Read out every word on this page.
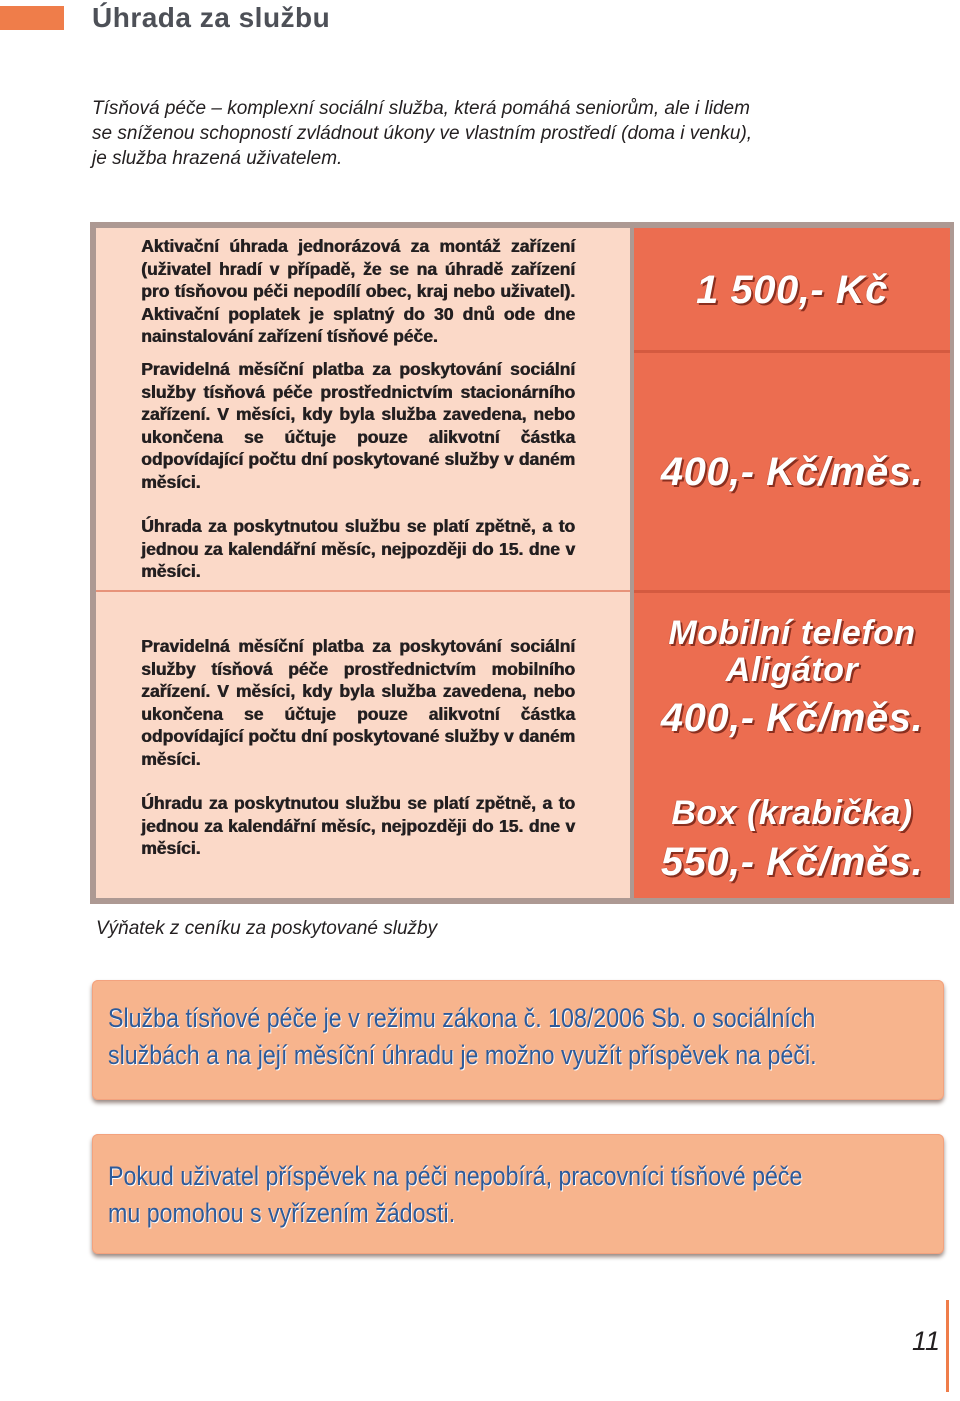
Úhrada za službu
Tísňová péče – komplexní sociální služba, která pomáhá seniorům, ale i lidem
se sníženou schopností zvládnout úkony ve vlastním prostředí (doma i venku),
je služba hrazená uživatelem.

Aktivační úhrada jednorázová za montáž zařízení (uživatel hradí v případě, že se na úhradě zařízení pro tísňovou péči nepodílí obec, kraj nebo uživatel). Aktivační poplatek je splatný do 30 dnů ode dne nainstalování zařízení tísňové péče.

Pravidelná měsíční platba za poskytování sociální služby tísňová péče prostřednictvím stacionárního zařízení. V měsíci, kdy byla služba zavedena, nebo ukončena se účtuje pouze alikvotní částka odpovídající počtu dní poskytované služby v daném měsíci.

Úhrada za poskytnutou službu se platí zpětně, a to jednou za kalendářní měsíc, nejpozději do 15. dne v měsíci.

Pravidelná měsíční platba za poskytování sociální služby tísňová péče prostřednictvím mobilního zařízení. V měsíci, kdy byla služba zavedena, nebo ukončena se účtuje pouze alikvotní částka odpovídající počtu dní poskytované služby v daném měsíci.

Úhradu za poskytnutou službu se platí zpětně, a to jednou za kalendářní měsíc, nejpozději do 15. dne v měsíci.

1 500,- Kč
400,- Kč/měs.
Mobilní telefon
Aligátor
400,- Kč/měs.
Box (krabička)
550,- Kč/měs.
Výňatek z ceníku za poskytované služby
Služba tísňové péče je v režimu zákona č. 108/2006 Sb. o sociálních
službách a na její měsíční úhradu je možno využít příspěvek na péči.
Pokud uživatel příspěvek na péči nepobírá, pracovníci tísňové péče
mu pomohou s vyřízením žádosti.
11
